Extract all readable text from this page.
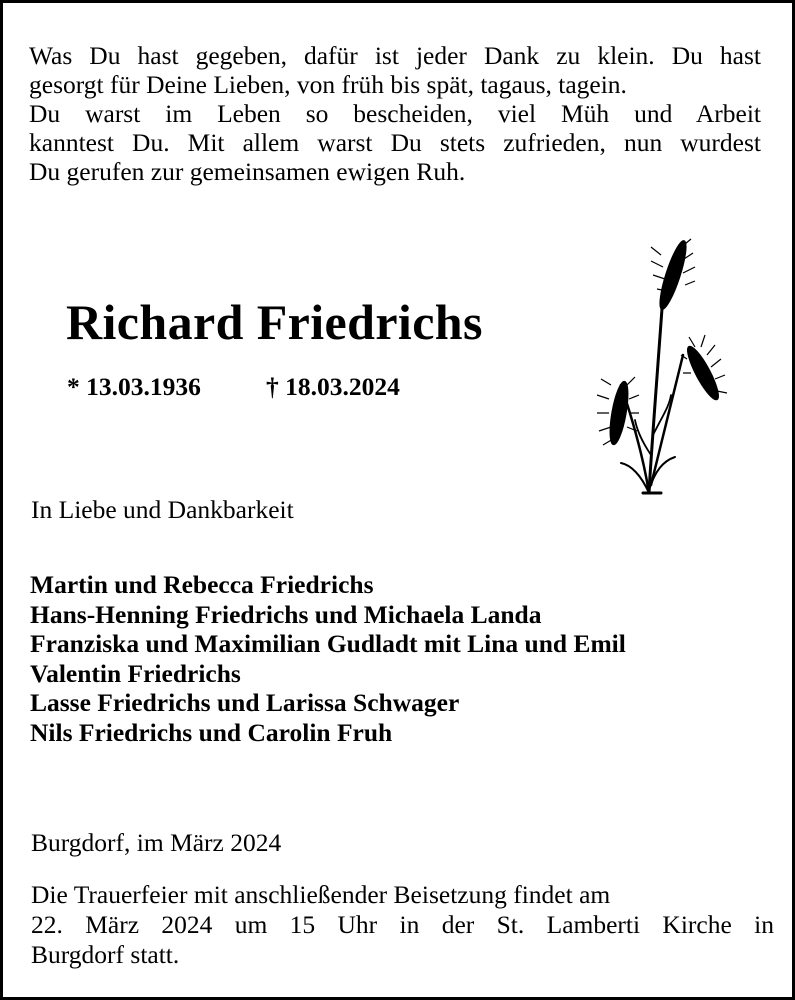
Was Du hast gegeben, dafür ist jeder Dank zu klein. Du hast
gesorgt für Deine Lieben, von früh bis spät, tagaus, tagein.
Du warst im Leben so bescheiden, viel Müh und Arbeit
kanntest Du. Mit allem warst Du stets zufrieden, nun wurdest
Du gerufen zur gemeinsamen ewigen Ruh.
Richard Friedrichs
* 13.03.1936	† 18.03.2024
In Liebe und Dankbarkeit
Martin und Rebecca Friedrichs
Hans-Henning Friedrichs und Michaela Landa
Franziska und Maximilian Gudladt mit Lina und Emil
Valentin Friedrichs
Lasse Friedrichs und Larissa Schwager
Nils Friedrichs und Carolin Fruh
Burgdorf, im März 2024
Die Trauerfeier mit anschließender Beisetzung findet am
22. März 2024 um 15 Uhr in der St. Lamberti Kirche in
Burgdorf statt.
